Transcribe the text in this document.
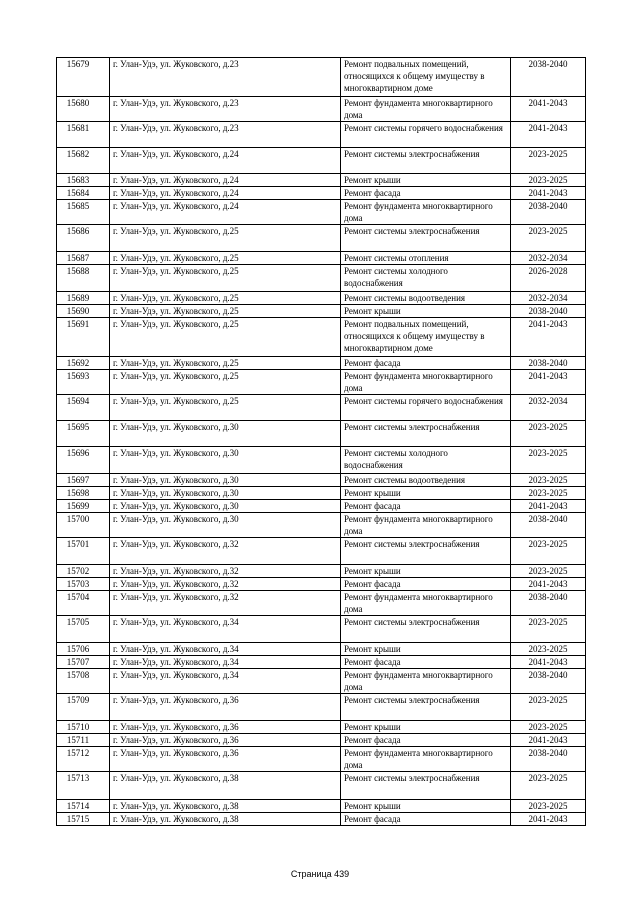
15679	г. Улан-Удэ, ул. Жуковского, д.23	Ремонт подвальных помещений, относящихся к общему имуществу в многоквартирном доме	2038-2040
15680	г. Улан-Удэ, ул. Жуковского, д.23	Ремонт фундамента многоквартирного дома	2041-2043
15681	г. Улан-Удэ, ул. Жуковского, д.23	Ремонт системы горячего водоснабжения	2041-2043
15682	г. Улан-Удэ, ул. Жуковского, д.24	Ремонт системы электроснабжения	2023-2025
15683	г. Улан-Удэ, ул. Жуковского, д.24	Ремонт крыши	2023-2025
15684	г. Улан-Удэ, ул. Жуковского, д.24	Ремонт фасада	2041-2043
15685	г. Улан-Удэ, ул. Жуковского, д.24	Ремонт фундамента многоквартирного дома	2038-2040
15686	г. Улан-Удэ, ул. Жуковского, д.25	Ремонт системы электроснабжения	2023-2025
15687	г. Улан-Удэ, ул. Жуковского, д.25	Ремонт системы отопления	2032-2034
15688	г. Улан-Удэ, ул. Жуковского, д.25	Ремонт системы холодного водоснабжения	2026-2028
15689	г. Улан-Удэ, ул. Жуковского, д.25	Ремонт системы водоотведения	2032-2034
15690	г. Улан-Удэ, ул. Жуковского, д.25	Ремонт крыши	2038-2040
15691	г. Улан-Удэ, ул. Жуковского, д.25	Ремонт подвальных помещений, относящихся к общему имуществу в многоквартирном доме	2041-2043
15692	г. Улан-Удэ, ул. Жуковского, д.25	Ремонт фасада	2038-2040
15693	г. Улан-Удэ, ул. Жуковского, д.25	Ремонт фундамента многоквартирного дома	2041-2043
15694	г. Улан-Удэ, ул. Жуковского, д.25	Ремонт системы горячего водоснабжения	2032-2034
15695	г. Улан-Удэ, ул. Жуковского, д.30	Ремонт системы электроснабжения	2023-2025
15696	г. Улан-Удэ, ул. Жуковского, д.30	Ремонт системы холодного водоснабжения	2023-2025
15697	г. Улан-Удэ, ул. Жуковского, д.30	Ремонт системы водоотведения	2023-2025
15698	г. Улан-Удэ, ул. Жуковского, д.30	Ремонт крыши	2023-2025
15699	г. Улан-Удэ, ул. Жуковского, д.30	Ремонт фасада	2041-2043
15700	г. Улан-Удэ, ул. Жуковского, д.30	Ремонт фундамента многоквартирного дома	2038-2040
15701	г. Улан-Удэ, ул. Жуковского, д.32	Ремонт системы электроснабжения	2023-2025
15702	г. Улан-Удэ, ул. Жуковского, д.32	Ремонт крыши	2023-2025
15703	г. Улан-Удэ, ул. Жуковского, д.32	Ремонт фасада	2041-2043
15704	г. Улан-Удэ, ул. Жуковского, д.32	Ремонт фундамента многоквартирного дома	2038-2040
15705	г. Улан-Удэ, ул. Жуковского, д.34	Ремонт системы электроснабжения	2023-2025
15706	г. Улан-Удэ, ул. Жуковского, д.34	Ремонт крыши	2023-2025
15707	г. Улан-Удэ, ул. Жуковского, д.34	Ремонт фасада	2041-2043
15708	г. Улан-Удэ, ул. Жуковского, д.34	Ремонт фундамента многоквартирного дома	2038-2040
15709	г. Улан-Удэ, ул. Жуковского, д.36	Ремонт системы электроснабжения	2023-2025
15710	г. Улан-Удэ, ул. Жуковского, д.36	Ремонт крыши	2023-2025
15711	г. Улан-Удэ, ул. Жуковского, д.36	Ремонт фасада	2041-2043
15712	г. Улан-Удэ, ул. Жуковского, д.36	Ремонт фундамента многоквартирного дома	2038-2040
15713	г. Улан-Удэ, ул. Жуковского, д.38	Ремонт системы электроснабжения	2023-2025
15714	г. Улан-Удэ, ул. Жуковского, д.38	Ремонт крыши	2023-2025
15715	г. Улан-Удэ, ул. Жуковского, д.38	Ремонт фасада	2041-2043
Страница 439
